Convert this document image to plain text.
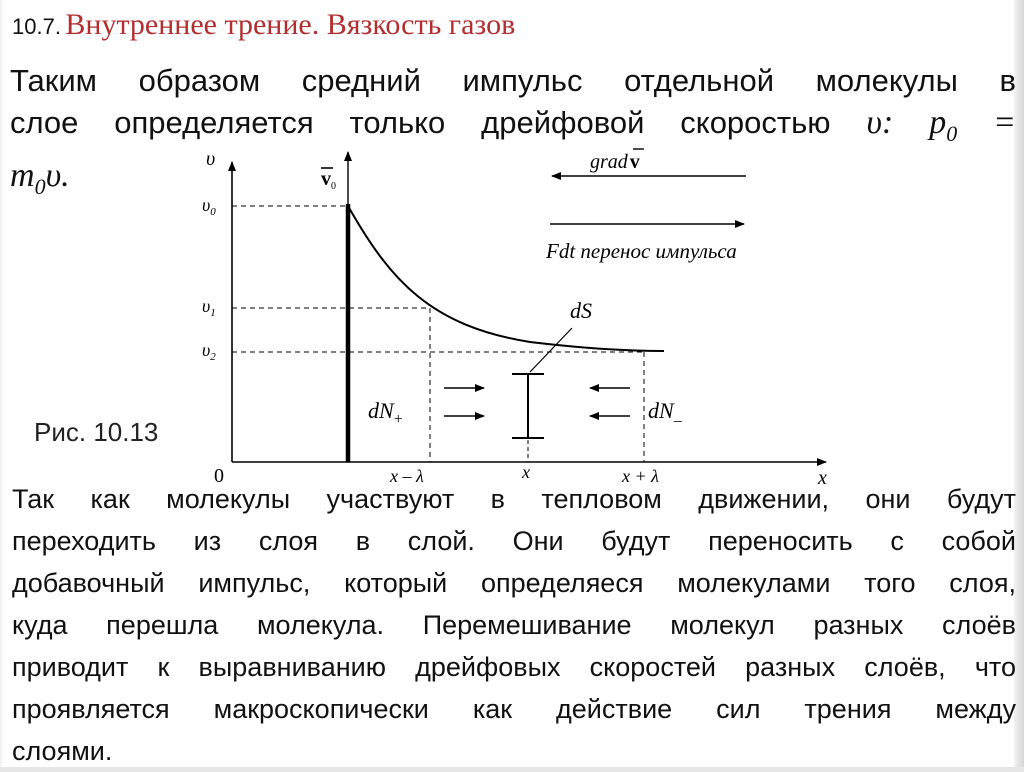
10.7. Внутреннее трение. Вязкость газов
Таким образом средний импульс отдельной молекулы в
слое определяется только дрейфовой скоростью υ: $p_0$ =
$m_0\upsilon$.	υ
x
0
$v_0$
$\upsilon_0$
$\upsilon_1$
$\upsilon_2$
x – λ	x	x + λ
dS
$dN_+$	dN_
grad v
Fdt перенос импульса
Рис. 10.13
Так как молекулы участвуют в тепловом движении, они будут
переходить из слоя в слой. Они будут переносить с собой
добавочный импульс, который определяеся молекулами того слоя,
куда перешла молекула. Перемешивание молекул разных слоёв
приводит к выравниванию дрейфовых скоростей разных слоёв, что
проявляется макроскопически как действие сил трения между
слоями.
